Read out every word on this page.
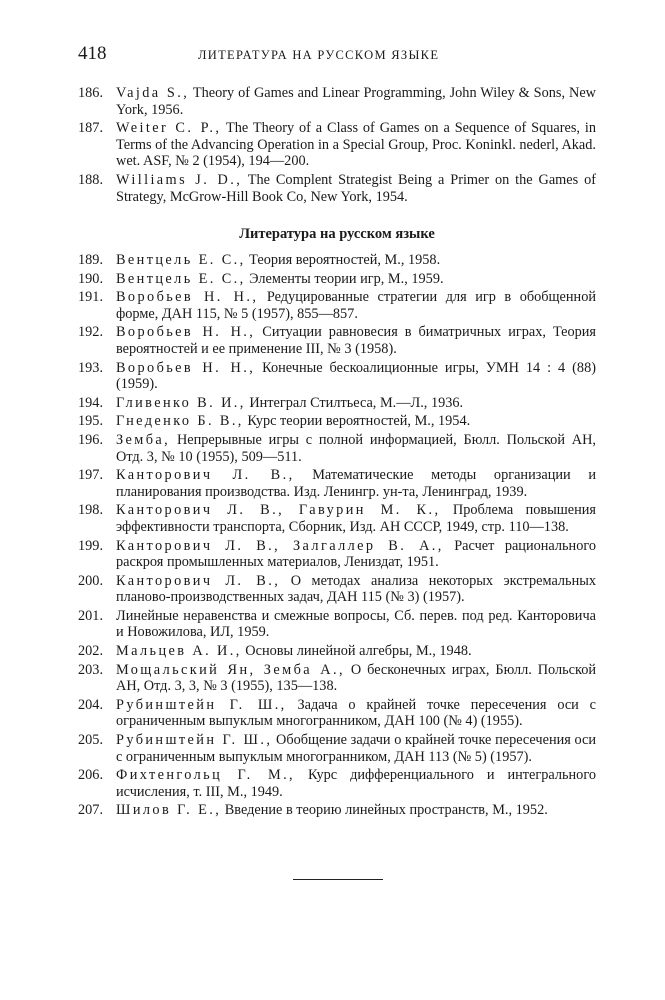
418	ЛИТЕРАТУРА НА РУССКОМ ЯЗЫКЕ
186. Vajda S., Theory of Games and Linear Programming, John Wiley & Sons, New York, 1956.
187. Weiter C. P., The Theory of a Class of Games on a Sequence of Squares, in Terms of the Advancing Operation in a Special Group, Proc. Koninkl. nederl, Akad. wet. ASF, № 2 (1954), 194—200.
188. Williams J. D., The Complent Strategist Being a Primer on the Games of Strategy, McGrow-Hill Book Co, New York, 1954.
Литература на русском языке
189. Вентцель Е. С., Теория вероятностей, М., 1958.
190. Вентцель Е. С., Элементы теории игр, М., 1959.
191. Воробьев Н. Н., Редуцированные стратегии для игр в обобщенной форме, ДАН 115, № 5 (1957), 855—857.
192. Воробьев Н. Н., Ситуации равновесия в биматричных играх, Теория вероятностей и ее применение III, № 3 (1958).
193. Воробьев Н. Н., Конечные бескоалиционные игры, УМН 14 : 4 (88) (1959).
194. Гливенко В. И., Интеграл Стилтьеса, М.—Л., 1936.
195. Гнеденко Б. В., Курс теории вероятностей, М., 1954.
196. Земба, Непрерывные игры с полной информацией, Бюлл. Польской АН, Отд. 3, № 10 (1955), 509—511.
197. Канторович Л. В., Математические методы организации и планирования производства. Изд. Ленингр. ун-та, Ленинград, 1939.
198. Канторович Л. В., Гавурин М. К., Проблема повышения эффективности транспорта, Сборник, Изд. АН СССР, 1949, стр. 110—138.
199. Канторович Л. В., Залгаллер В. А., Расчет рационального раскроя промышленных материалов, Лениздат, 1951.
200. Канторович Л. В., О методах анализа некоторых экстремальных планово-производственных задач, ДАН 115 (№ 3) (1957).
201. Линейные неравенства и смежные вопросы, Сб. перев. под ред. Канторовича и Новожилова, ИЛ, 1959.
202. Мальцев А. И., Основы линейной алгебры, М., 1948.
203. Мощальский Ян, Земба А., О бесконечных играх, Бюлл. Польской АН, Отд. 3, 3, № 3 (1955), 135—138.
204. Рубинштейн Г. Ш., Задача о крайней точке пересечения оси с ограниченным выпуклым многогранником, ДАН 100 (№ 4) (1955).
205. Рубинштейн Г. Ш., Обобщение задачи о крайней точке пересечения оси с ограниченным выпуклым многогранником, ДАН 113 (№ 5) (1957).
206. Фихтенгольц Г. М., Курс дифференциального и интегрального исчисления, т. III, М., 1949.
207. Шилов Г. Е., Введение в теорию линейных пространств, М., 1952.
